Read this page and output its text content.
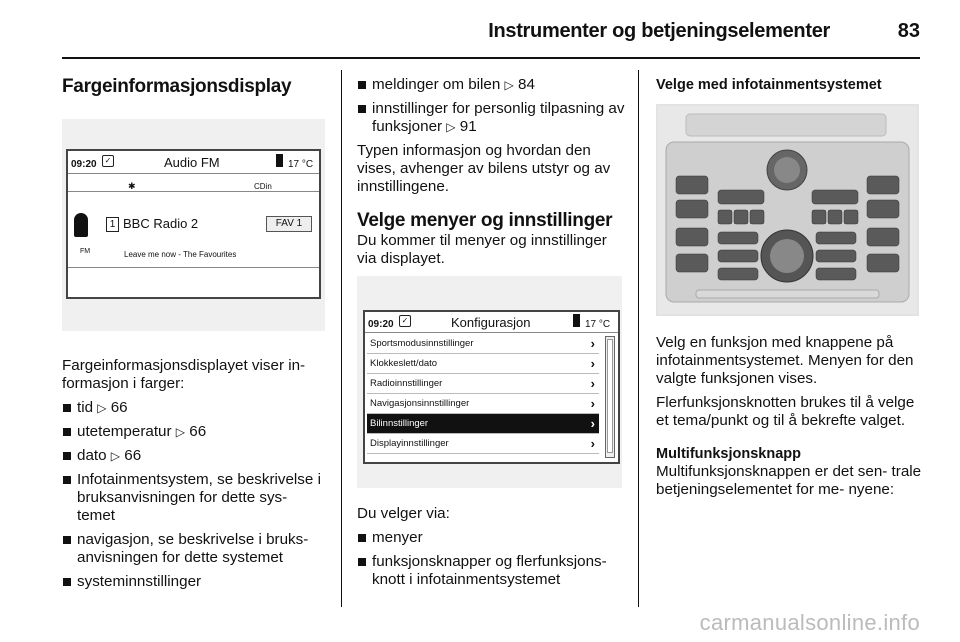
Instrumenter og betjeningselementer	83
Fargeinformasjonsdisplay
09:20	✓	Audio FM	17 °C
✱	CDin
1 BBC Radio 2	FAV 1
FM	Leave me now - The Favourites

Fargeinformasjonsdisplayet viser in- formasjon i farger:

tid ▷ 66
utetemperatur ▷ 66
dato ▷ 66
Infotainmentsystem, se beskrivelse i bruksanvisningen for dette sys- temet
navigasjon, se beskrivelse i bruks- anvisningen for dette systemet
systeminnstillinger
meldinger om bilen ▷ 84
innstillinger for personlig tilpasning av funksjoner ▷ 91

Typen informasjon og hvordan den vises, avhenger av bilens utstyr og av innstillingene.

Velge menyer og innstillinger

Du kommer til menyer og innstillinger via displayet.

09:20	✓	Konfigurasjon	17 °C
Sportsmodusinnstillinger	›
Klokkeslett/dato	›
Radioinnstillinger	›
Navigasjonsinnstillinger	›
Bilinnstillinger	›
Displayinnstillinger	›

Du velger via:

menyer
funksjonsknapper og flerfunksjons- knott i infotainmentsystemet
Velge med infotainmentsystemet

Velg en funksjon med knappene på infotainmentsystemet. Menyen for den valgte funksjonen vises.

Flerfunksjonsknotten brukes til å velge et tema/punkt og til å bekrefte valget.

Multifunksjonsknapp

Multifunksjonsknappen er det sen- trale betjeningselementet for me- nyene:

carmanualsonline.info
